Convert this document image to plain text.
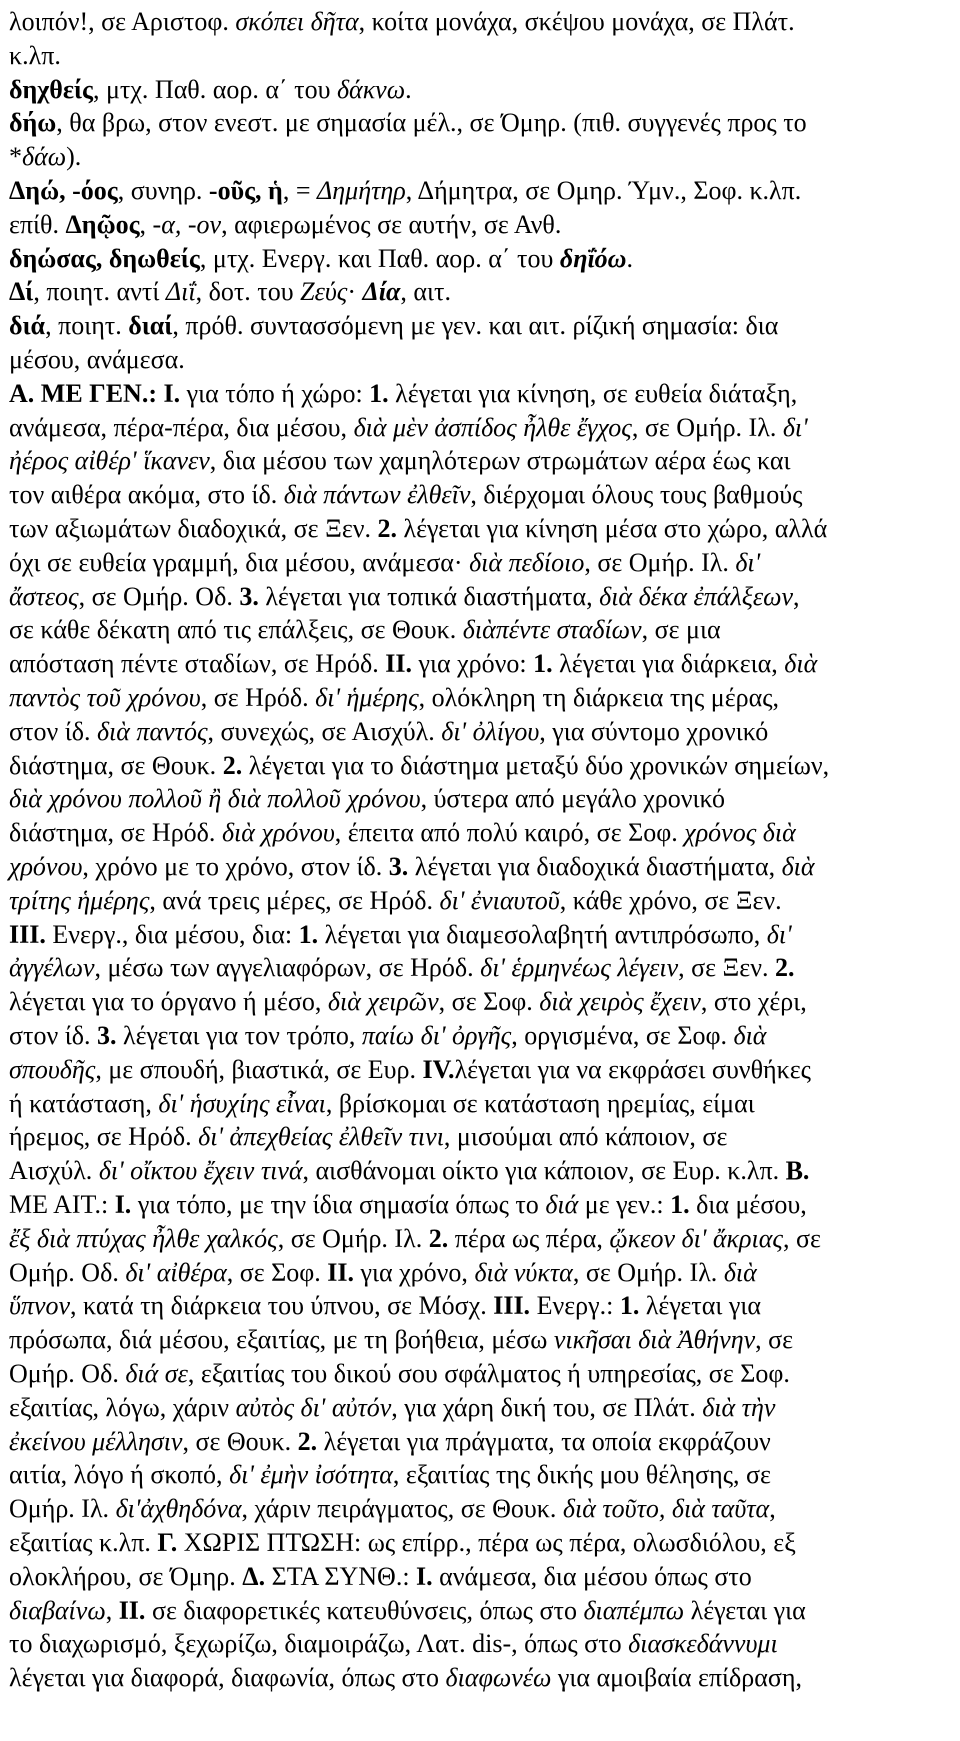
λοιπόν!, σε Αριστοφ. σκόπει δῆτα, κοίτα μονάχα, σκέψου μονάχα, σε Πλάτ.
κ.λπ.
δηχθείς, μτχ. Παθ. αορ. α΄ του δάκνω.
δήω, θα βρω, στον ενεστ. με σημασία μέλ., σε Όμηρ. (πιθ. συγγενές προς το
*δάω).
Δηώ, -όος, συνηρ. -οῦς, ἡ, = Δημήτηρ, Δήμητρα, σε Ομηρ. Ύμν., Σοφ. κ.λπ.
επίθ. Δηῷος, -α, -ον, αφιερωμένος σε αυτήν, σε Ανθ.
δηώσας, δηωθείς, μτχ. Ενεργ. και Παθ. αορ. α΄ του δηΐόω.
Δί, ποιητ. αντί Διΐ, δοτ. του Ζεύς· Δία, αιτ.
διά, ποιητ. διαί, πρόθ. συντασσόμενη με γεν. και αιτ. ρίζική σημασία: δια
μέσου, ανάμεσα.
Α. ΜΕ ΓΕΝ.: Ι. για τόπο ή χώρο: 1. λέγεται για κίνηση, σε ευθεία διάταξη,
ανάμεσα, πέρα-πέρα, δια μέσου, διὰ μὲν ἀσπίδος ἦλθε ἔγχος, σε Ομήρ. Ιλ. δι'
ἠέρος αἰθέρ' ἵκανεν, δια μέσου των χαμηλότερων στρωμάτων αέρα έως και
τον αιθέρα ακόμα, στο ίδ. διὰ πάντων ἐλθεῖν, διέρχομαι όλους τους βαθμούς
των αξιωμάτων διαδοχικά, σε Ξεν. 2. λέγεται για κίνηση μέσα στο χώρο, αλλά
όχι σε ευθεία γραμμή, δια μέσου, ανάμεσα· διὰ πεδίοιο, σε Ομήρ. Ιλ. δι'
ἄστεος, σε Ομήρ. Οδ. 3. λέγεται για τοπικά διαστήματα, διὰ δέκα ἐπάλξεων,
σε κάθε δέκατη από τις επάλξεις, σε Θουκ. διὰπέντε σταδίων, σε μια
απόσταση πέντε σταδίων, σε Ηρόδ. ΙΙ. για χρόνο: 1. λέγεται για διάρκεια, διὰ
παντὸς τοῦ χρόνου, σε Ηρόδ. δι' ἡμέρης, ολόκληρη τη διάρκεια της μέρας,
στον ίδ. διὰ παντός, συνεχώς, σε Αισχύλ. δι' ὀλίγου, για σύντομο χρονικό
διάστημα, σε Θουκ. 2. λέγεται για το διάστημα μεταξύ δύο χρονικών σημείων,
διὰ χρόνου πολλοῦ ἢ διὰ πολλοῦ χρόνου, ύστερα από μεγάλο χρονικό
διάστημα, σε Ηρόδ. διὰ χρόνου, έπειτα από πολύ καιρό, σε Σοφ. χρόνος διὰ
χρόνου, χρόνο με το χρόνο, στον ίδ. 3. λέγεται για διαδοχικά διαστήματα, διὰ
τρίτης ἡμέρης, ανά τρεις μέρες, σε Ηρόδ. δι' ἐνιαυτοῦ, κάθε χρόνο, σε Ξεν.
ΙΙΙ. Ενεργ., δια μέσου, δια: 1. λέγεται για διαμεσολαβητή αντιπρόσωπο, δι'
ἀγγέλων, μέσω των αγγελιαφόρων, σε Ηρόδ. δι' ἑρμηνέως λέγειν, σε Ξεν. 2.
λέγεται για το όργανο ή μέσο, διὰ χειρῶν, σε Σοφ. διὰ χειρὸς ἔχειν, στο χέρι,
στον ίδ. 3. λέγεται για τον τρόπο, παίω δι' ὀργῆς, οργισμένα, σε Σοφ. διὰ
σπουδῆς, με σπουδή, βιαστικά, σε Ευρ. IV.λέγεται για να εκφράσει συνθήκες
ή κατάσταση, δι' ἡσυχίης εἶναι, βρίσκομαι σε κατάσταση ηρεμίας, είμαι
ήρεμος, σε Ηρόδ. δι' ἀπεχθείας ἐλθεῖν τινι, μισούμαι από κάποιον, σε
Αισχύλ. δι' οἴκτου ἔχειν τινά, αισθάνομαι οίκτο για κάποιον, σε Ευρ. κ.λπ. Β.
ΜΕ ΑΙΤ.: Ι. για τόπο, με την ίδια σημασία όπως το διά με γεν.: 1. δια μέσου,
ἔξ διὰ πτύχας ἦλθε χαλκός, σε Ομήρ. Ιλ. 2. πέρα ως πέρα, ᾤκεον δι' ἄκριας, σε
Ομήρ. Οδ. δι' αἰθέρα, σε Σοφ. ΙΙ. για χρόνο, διὰ νύκτα, σε Ομήρ. Ιλ. διὰ
ὕπνον, κατά τη διάρκεια του ύπνου, σε Μόσχ. ΙΙΙ. Ενεργ.: 1. λέγεται για
πρόσωπα, διά μέσου, εξαιτίας, με τη βοήθεια, μέσω νικῆσαι διὰ Ἀθήνην, σε
Ομήρ. Οδ. διά σε, εξαιτίας του δικού σου σφάλματος ή υπηρεσίας, σε Σοφ.
εξαιτίας, λόγω, χάριν αὐτὸς δι' αὐτόν, για χάρη δική του, σε Πλάτ. διὰ τὴν
ἐκείνου μέλλησιν, σε Θουκ. 2. λέγεται για πράγματα, τα οποία εκφράζουν
αιτία, λόγο ή σκοπό, δι' ἐμὴν ἰσότητα, εξαιτίας της δικής μου θέλησης, σε
Ομήρ. Ιλ. δι'ἀχθηδόνα, χάριν πειράγματος, σε Θουκ. διὰ τοῦτο, διὰ ταῦτα,
εξαιτίας κ.λπ. Γ. ΧΩΡΙΣ ΠΤΩΣΗ: ως επίρρ., πέρα ως πέρα, ολωσδιόλου, εξ
ολοκλήρου, σε Όμηρ. Δ. ΣΤΑ ΣΥΝΘ.: Ι. ανάμεσα, δια μέσου όπως στο
διαβαίνω, ΙΙ. σε διαφορετικές κατευθύνσεις, όπως στο διαπέμπω λέγεται για
το διαχωρισμό, ξεχωρίζω, διαμοιράζω, Λατ. dis-, όπως στο διασκεδάννυμι
λέγεται για διαφορά, διαφωνία, όπως στο διαφωνέω για αμοιβαία επίδραση,
